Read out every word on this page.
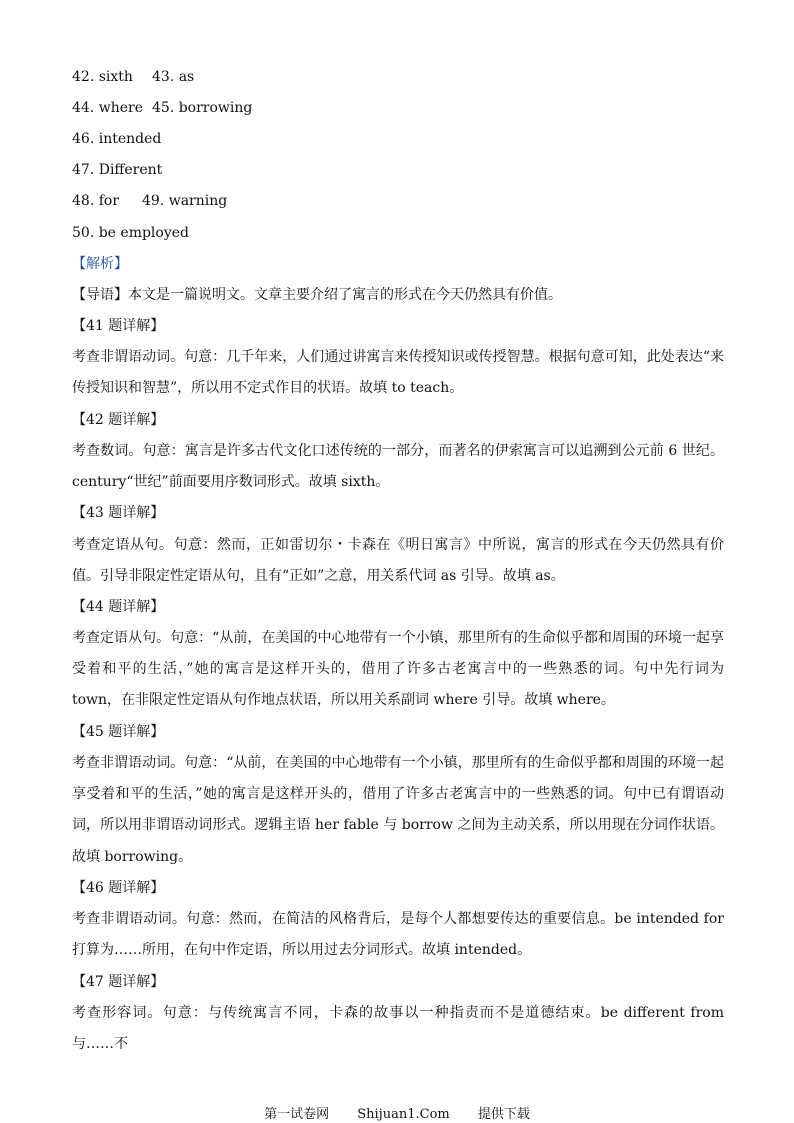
42. sixth 43. as
44. where 45. borrowing
46. intended
47. Different
48. for 49. warning
50. be employed
【解析】
【导语】本文是一篇说明文。文章主要介绍了寓言的形式在今天仍然具有价值。
【41 题详解】
考查非谓语动词。句意：几千年来，人们通过讲寓言来传授知识或传授智慧。根据句意可知，此处表达“来传授知识和智慧”，所以用不定式作目的状语。故填 to teach。
【42 题详解】
考查数词。句意：寓言是许多古代文化口述传统的一部分，而著名的伊索寓言可以追溯到公元前 6 世纪。century“世纪”前面要用序数词形式。故填 sixth。
【43 题详解】
考查定语从句。句意：然而，正如雷切尔・卡森在《明日寓言》中所说，寓言的形式在今天仍然具有价值。引导非限定性定语从句，且有“正如”之意，用关系代词 as 引导。故填 as。
【44 题详解】
考查定语从句。句意：“从前，在美国的中心地带有一个小镇，那里所有的生命似乎都和周围的环境一起享受着和平的生活，”她的寓言是这样开头的，借用了许多古老寓言中的一些熟悉的词。句中先行词为 town，在非限定性定语从句作地点状语，所以用关系副词 where 引导。故填 where。
【45 题详解】
考查非谓语动词。句意：“从前，在美国的中心地带有一个小镇，那里所有的生命似乎都和周围的环境一起享受着和平的生活，”她的寓言是这样开头的，借用了许多古老寓言中的一些熟悉的词。句中已有谓语动词，所以用非谓语动词形式。逻辑主语 her fable 与 borrow 之间为主动关系，所以用现在分词作状语。故填 borrowing。
【46 题详解】
考查非谓语动词。句意：然而，在简洁的风格背后，是每个人都想要传达的重要信息。be intended for 打算为……所用，在句中作定语，所以用过去分词形式。故填 intended。
【47 题详解】
考查形容词。句意：与传统寓言不同，卡森的故事以一种指责而不是道德结束。be different from 与……不
第一试卷网 Shijuan1.Com 提供下载
